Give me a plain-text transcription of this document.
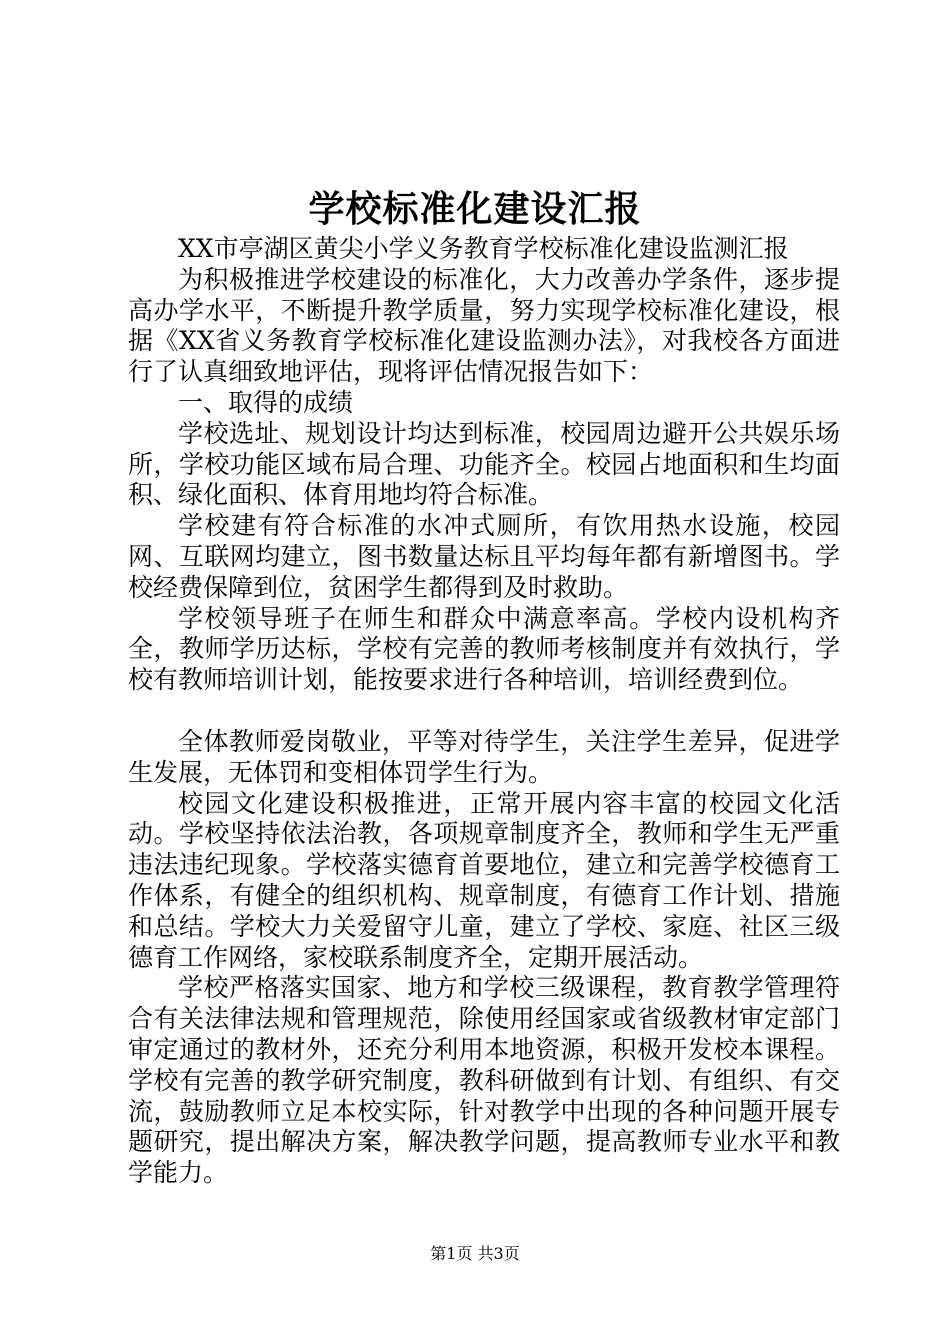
学校标准化建设汇报

XX市亭湖区黄尖小学义务教育学校标准化建设监测汇报

为积极推进学校建设的标准化，大力改善办学条件，逐步提高办学水平，不断提升教学质量，努力实现学校标准化建设，根据《XX省义务教育学校标准化建设监测办法》，对我校各方面进行了认真细致地评估，现将评估情况报告如下：

一、取得的成绩

学校选址、规划设计均达到标准，校园周边避开公共娱乐场所，学校功能区域布局合理、功能齐全。校园占地面积和生均面积、绿化面积、体育用地均符合标准。

学校建有符合标准的水冲式厕所，有饮用热水设施，校园网、互联网均建立，图书数量达标且平均每年都有新增图书。学校经费保障到位，贫困学生都得到及时救助。

学校领导班子在师生和群众中满意率高。学校内设机构齐全，教师学历达标，学校有完善的教师考核制度并有效执行，学校有教师培训计划，能按要求进行各种培训，培训经费到位。

全体教师爱岗敬业，平等对待学生，关注学生差异，促进学生发展，无体罚和变相体罚学生行为。

校园文化建设积极推进，正常开展内容丰富的校园文化活动。学校坚持依法治教，各项规章制度齐全，教师和学生无严重违法违纪现象。学校落实德育首要地位，建立和完善学校德育工作体系，有健全的组织机构、规章制度，有德育工作计划、措施和总结。学校大力关爱留守儿童，建立了学校、家庭、社区三级德育工作网络，家校联系制度齐全，定期开展活动。

学校严格落实国家、地方和学校三级课程，教育教学管理符合有关法律法规和管理规范，除使用经国家或省级教材审定部门审定通过的教材外，还充分利用本地资源，积极开发校本课程。学校有完善的教学研究制度，教科研做到有计划、有组织、有交流，鼓励教师立足本校实际，针对教学中出现的各种问题开展专题研究，提出解决方案，解决教学问题，提高教师专业水平和教学能力。

第1页 共3页
